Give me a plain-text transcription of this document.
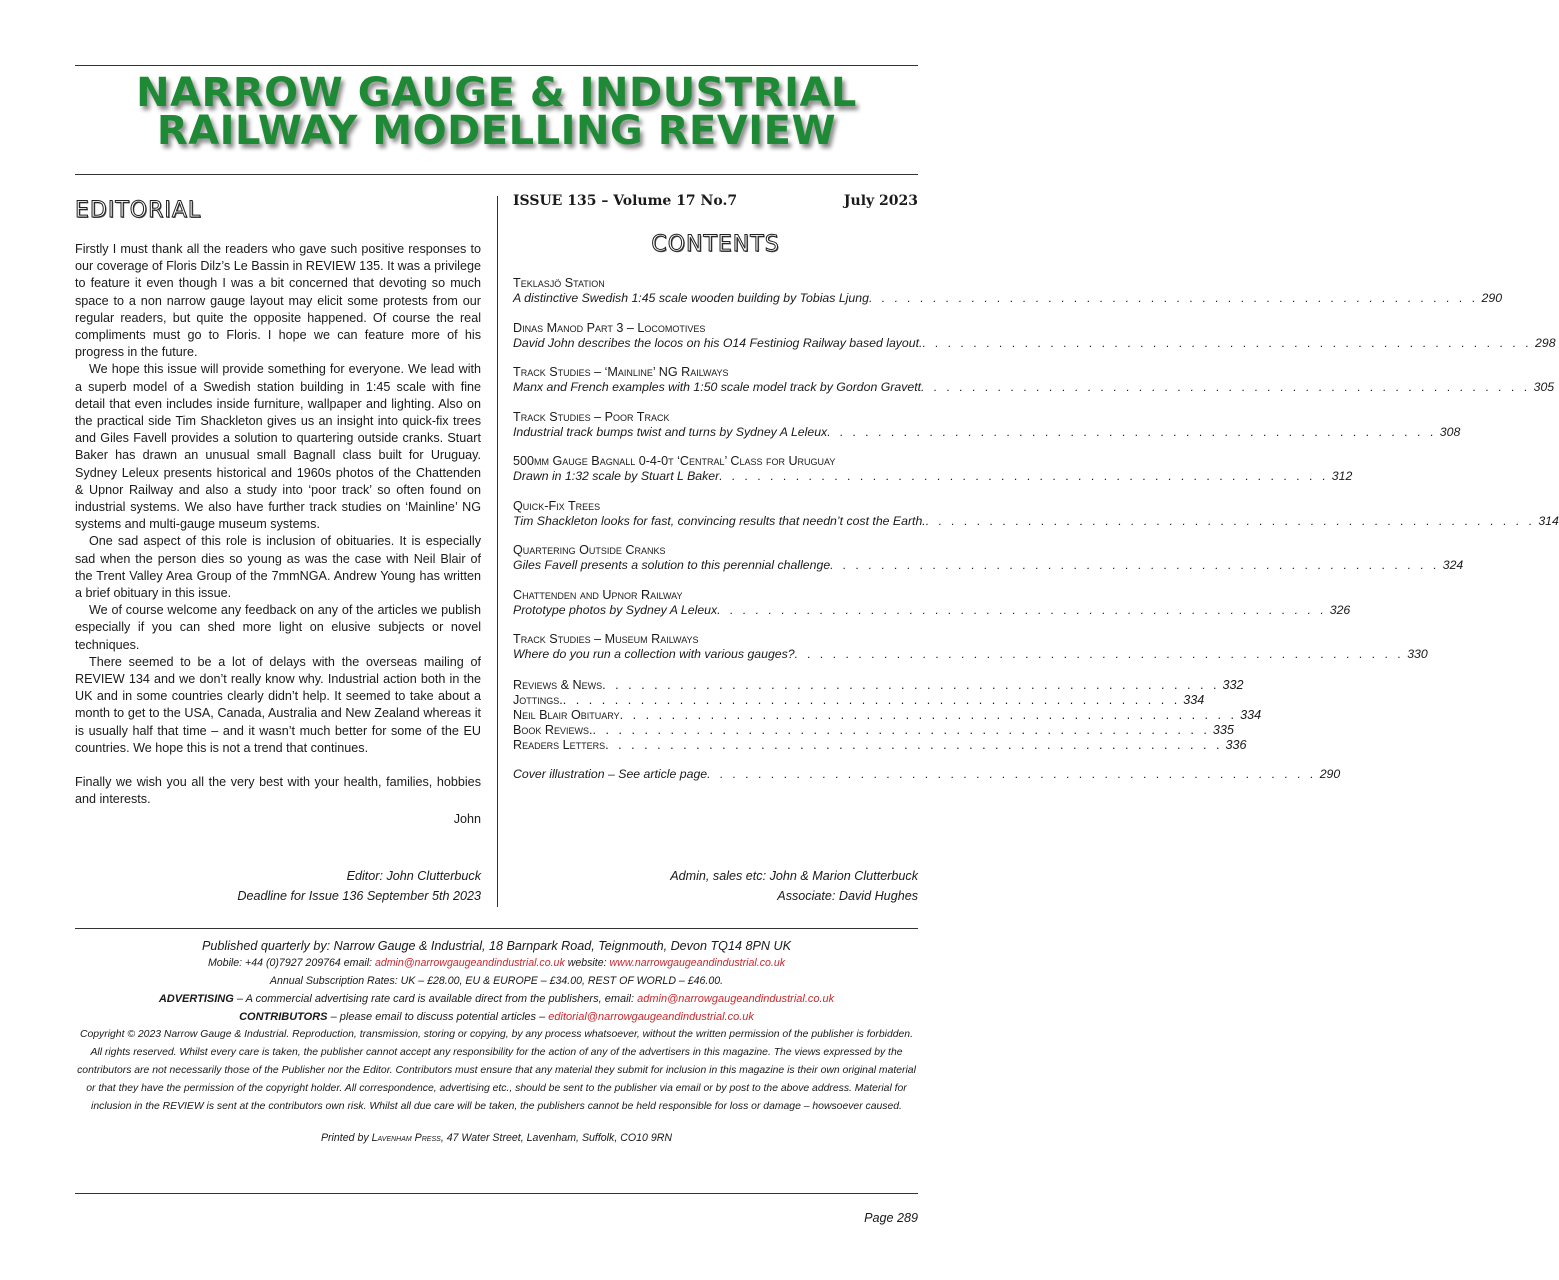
NARROW GAUGE & INDUSTRIAL
RAILWAY MODELLING REVIEW
EDITORIAL

Firstly I must thank all the readers who gave such positive responses to our coverage of Floris Dilz’s Le Bassin in REVIEW 135. It was a privilege to feature it even though I was a bit concerned that devoting so much space to a non narrow gauge layout may elicit some protests from our regular readers, but quite the opposite happened. Of course the real compliments must go to Floris. I hope we can feature more of his progress in the future.

We hope this issue will provide something for everyone. We lead with a superb model of a Swedish station building in 1:45 scale with fine detail that even includes inside furniture, wallpaper and lighting. Also on the practical side Tim Shackleton gives us an insight into quick-fix trees and Giles Favell provides a solution to quartering outside cranks. Stuart Baker has drawn an unusual small Bagnall class built for Uruguay. Sydney Leleux presents historical and 1960s photos of the Chattenden & Upnor Railway and also a study into ‘poor track’ so often found on industrial systems. We also have further track studies on ‘Mainline’ NG systems and multi-gauge museum systems.

One sad aspect of this role is inclusion of obituaries. It is especially sad when the person dies so young as was the case with Neil Blair of the Trent Valley Area Group of the 7mmNGA. Andrew Young has written a brief obituary in this issue.

We of course welcome any feedback on any of the articles we publish especially if you can shed more light on elusive subjects or novel techniques.

There seemed to be a lot of delays with the overseas mailing of REVIEW 134 and we don’t really know why. Industrial action both in the UK and in some countries clearly didn’t help. It seemed to take about a month to get to the USA, Canada, Australia and New Zealand whereas it is usually half that time – and it wasn’t much better for some of the EU countries. We hope this is not a trend that continues.

Finally we wish you all the very best with your health, families, hobbies and interests.

John
Editor: John Clutterbuck
Deadline for Issue 136 September 5th 2023
ISSUE 135 – Volume 17 No.7	July 2023
CONTENTS
Teklasjö Station
A distinctive Swedish 1:45 scale wooden building by Tobias Ljung . . . . . . . . . . . . . . . . . . . . . . . . . . . . . . . . . . . . . . . . . . . . . . . . 290
Dinas Manod Part 3 – Locomotives
David John describes the locos on his O14 Festiniog Railway based layout. . . . . . . . . . . . . . . . . . . . . . . . . . . . . . . . . . . . . . . . . . . . . . . . . 298
Track Studies – ‘Mainline’ NG Railways
Manx and French examples with 1:50 scale model track by Gordon Gravett . . . . . . . . . . . . . . . . . . . . . . . . . . . . . . . . . . . . . . . . . . . . . . . . 305
Track Studies – Poor Track
Industrial track bumps twist and turns by Sydney A Leleux . . . . . . . . . . . . . . . . . . . . . . . . . . . . . . . . . . . . . . . . . . . . . . . . 308
500mm Gauge Bagnall 0-4-0t ‘Central’ Class for Uruguay
Drawn in 1:32 scale by Stuart L Baker . . . . . . . . . . . . . . . . . . . . . . . . . . . . . . . . . . . . . . . . . . . . . . . . 312
Quick-Fix Trees
Tim Shackleton looks for fast, convincing results that needn’t cost the Earth. . . . . . . . . . . . . . . . . . . . . . . . . . . . . . . . . . . . . . . . . . . . . . . . . 314
Quartering Outside Cranks
Giles Favell presents a solution to this perennial challenge . . . . . . . . . . . . . . . . . . . . . . . . . . . . . . . . . . . . . . . . . . . . . . . . 324
Chattenden and Upnor Railway
Prototype photos by Sydney A Leleux . . . . . . . . . . . . . . . . . . . . . . . . . . . . . . . . . . . . . . . . . . . . . . . . 326
Track Studies – Museum Railways
Where do you run a collection with various gauges? . . . . . . . . . . . . . . . . . . . . . . . . . . . . . . . . . . . . . . . . . . . . . . . . 330
Reviews & News . . . . . . . . . . . . . . . . . . . . . . . . . . . . . . . . . . . . . . . . . . . . . . . . 332
Jottings. . . . . . . . . . . . . . . . . . . . . . . . . . . . . . . . . . . . . . . . . . . . . . . . . 334
Neil Blair Obituary . . . . . . . . . . . . . . . . . . . . . . . . . . . . . . . . . . . . . . . . . . . . . . . . 334
Book Reviews. . . . . . . . . . . . . . . . . . . . . . . . . . . . . . . . . . . . . . . . . . . . . . . . . 335
Readers Letters . . . . . . . . . . . . . . . . . . . . . . . . . . . . . . . . . . . . . . . . . . . . . . . . 336
Cover illustration – See article page . . . . . . . . . . . . . . . . . . . . . . . . . . . . . . . . . . . . . . . . . . . . . . . . 290
Admin, sales etc: John & Marion Clutterbuck
Associate: David Hughes
Published quarterly by: Narrow Gauge & Industrial, 18 Barnpark Road, Teignmouth, Devon TQ14 8PN UK
Mobile: +44 (0)7927 209764 email: admin@narrowgaugeandindustrial.co.uk website: www.narrowgaugeandindustrial.co.uk
Annual Subscription Rates: UK – £28.00, EU & EUROPE – £34.00, REST OF WORLD – £46.00.
ADVERTISING – A commercial advertising rate card is available direct from the publishers, email: admin@narrowgaugeandindustrial.co.uk
CONTRIBUTORS – please email to discuss potential articles – editorial@narrowgaugeandindustrial.co.uk
Copyright © 2023 Narrow Gauge & Industrial. Reproduction, transmission, storing or copying, by any process whatsoever, without the written permission of the publisher is forbidden. All rights reserved. Whilst every care is taken, the publisher cannot accept any responsibility for the action of any of the advertisers in this magazine. The views expressed by the contributors are not necessarily those of the Publisher nor the Editor. Contributors must ensure that any material they submit for inclusion in this magazine is their own original material or that they have the permission of the copyright holder. All correspondence, advertising etc., should be sent to the publisher via email or by post to the above address. Material for inclusion in the REVIEW is sent at the contributors own risk. Whilst all due care will be taken, the publishers cannot be held responsible for loss or damage – howsoever caused.
Printed by Lavenham Press, 47 Water Street, Lavenham, Suffolk, CO10 9RN
Page 289
